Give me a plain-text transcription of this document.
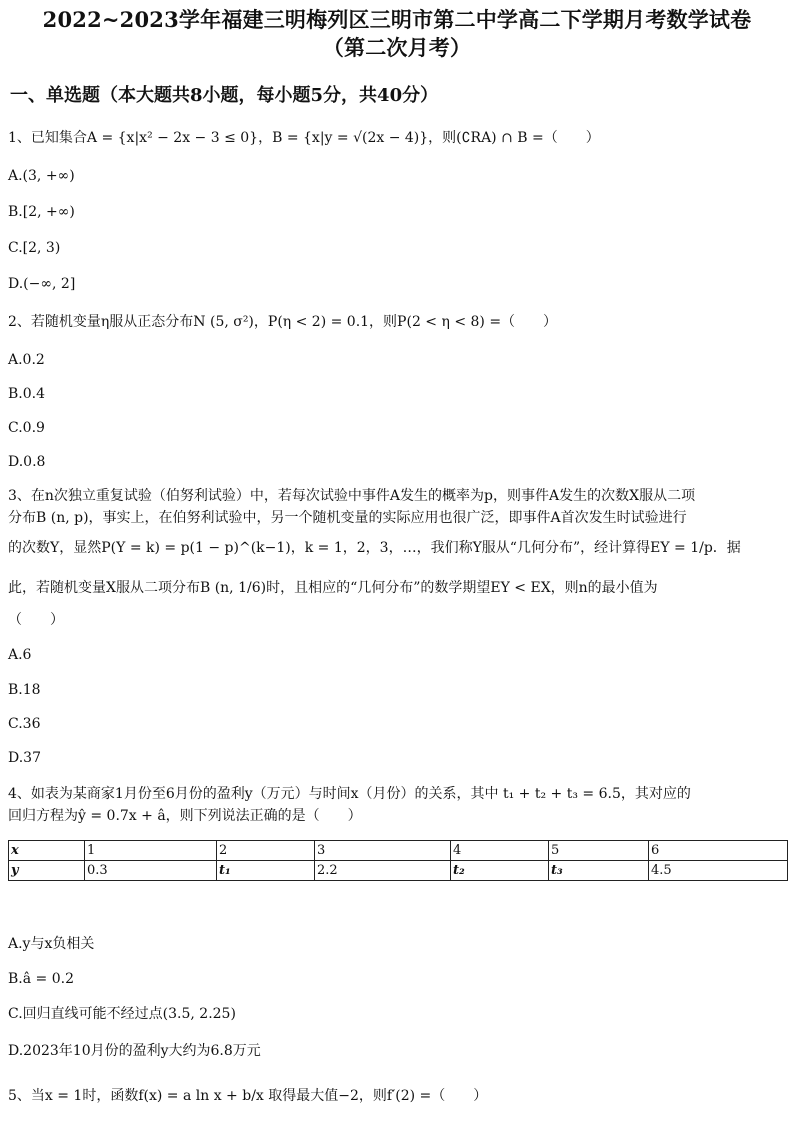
2022~2023学年福建三明梅列区三明市第二中学高二下学期月考数学试卷
（第二次月考）
一、单选题（本大题共8小题，每小题5分，共40分）
1、已知集合A = {x|x² − 2x − 3 ≤ 0}，B = {x|y = √(2x − 4)}，则(∁RA) ∩ B =（　　）
A.(3, +∞)
B.[2, +∞)
C.[2, 3)
D.(−∞, 2]
2、若随机变量η服从正态分布N (5, σ²)，P(η < 2) = 0.1，则P(2 < η < 8) =（　　）
A.0.2
B.0.4
C.0.9
D.0.8
3、在n次独立重复试验（伯努利试验）中，若每次试验中事件A发生的概率为p，则事件A发生的次数X服从二项
分布B (n, p)，事实上，在伯努利试验中，另一个随机变量的实际应用也很广泛，即事件A首次发生时试验进行
的次数Y，显然P(Y = k) = p(1 − p)^(k−1)，k = 1，2，3，…，我们称Y服从“几何分布”，经计算得EY = 1/p．据
此，若随机变量X服从二项分布B (n, 1/6)时，且相应的“几何分布”的数学期望EY < EX，则n的最小值为
（　　）
A.6
B.18
C.36
D.37
4、如表为某商家1月份至6月份的盈利y（万元）与时间x（月份）的关系，其中 t₁ + t₂ + t₃ = 6.5，其对应的
回归方程为ŷ = 0.7x + â，则下列说法正确的是（　　）
x	1	2	3	4	5	6
y	0.3	t₁	2.2	t₂	t₃	4.5
A.y与x负相关
B.â = 0.2
C.回归直线可能不经过点(3.5, 2.25)
D.2023年10月份的盈利y大约为6.8万元
5、当x = 1时，函数f(x) = a ln x + b/x 取得最大值−2，则f′(2) =（　　）
